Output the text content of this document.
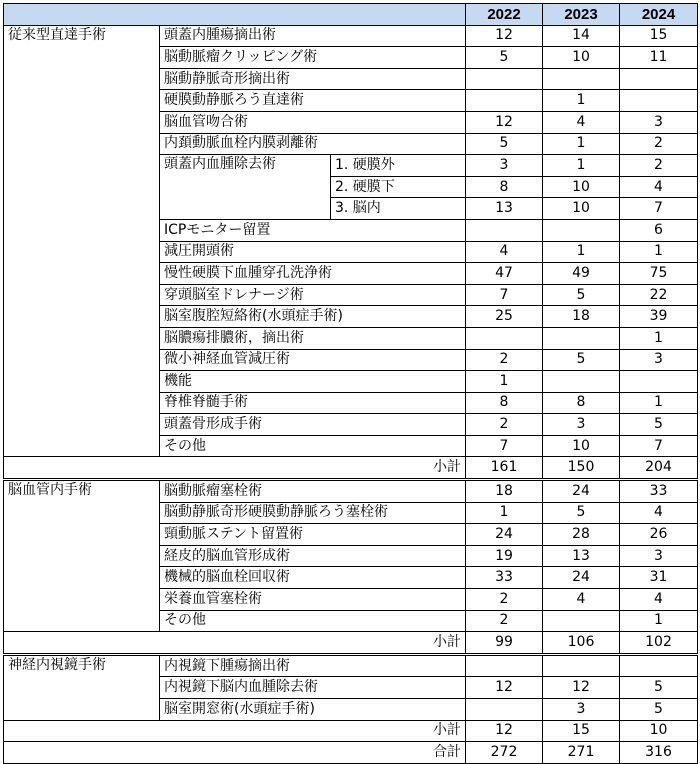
			2022	2023	2024
従来型直達手術	頭蓋内腫瘍摘出術		12	14	15
	脳動脈瘤クリッピング術		5	10	11
	脳動静脈奇形摘出術				
	硬膜動静脈ろう直達術			1	
	脳血管吻合術		12	4	3
	内頚動脈血栓内膜剥離術		5	1	2
	頭蓋内血腫除去術	1. 硬膜外	3	1	2
		2. 硬膜下	8	10	4
		3. 脳内	13	10	7
	ICPモニター留置				6
	減圧開頭術		4	1	1
	慢性硬膜下血腫穿孔洗浄術		47	49	75
	穿頭脳室ドレナージ術		7	5	22
	脳室腹腔短絡術(水頭症手術)		25	18	39
	脳膿瘍排膿術，摘出術				1
	微小神経血管減圧術		2	5	3
	機能		1		
	脊椎脊髄手術		8	8	1
	頭蓋骨形成手術		2	3	5
	その他		7	10	7
小計			161	150	204
脳血管内手術	脳動脈瘤塞栓術		18	24	33
	脳動静脈奇形硬膜動静脈ろう塞栓術		1	5	4
	頸動脈ステント留置術		24	28	26
	経皮的脳血管形成術		19	13	3
	機械的脳血栓回収術		33	24	31
	栄養血管塞栓術		2	4	4
	その他		2		1
小計			99	106	102
神経内視鏡手術	内視鏡下腫瘍摘出術				
	内視鏡下脳内血腫除去術		12	12	5
	脳室開窓術(水頭症手術)			3	5
小計			12	15	10
合計			272	271	316
